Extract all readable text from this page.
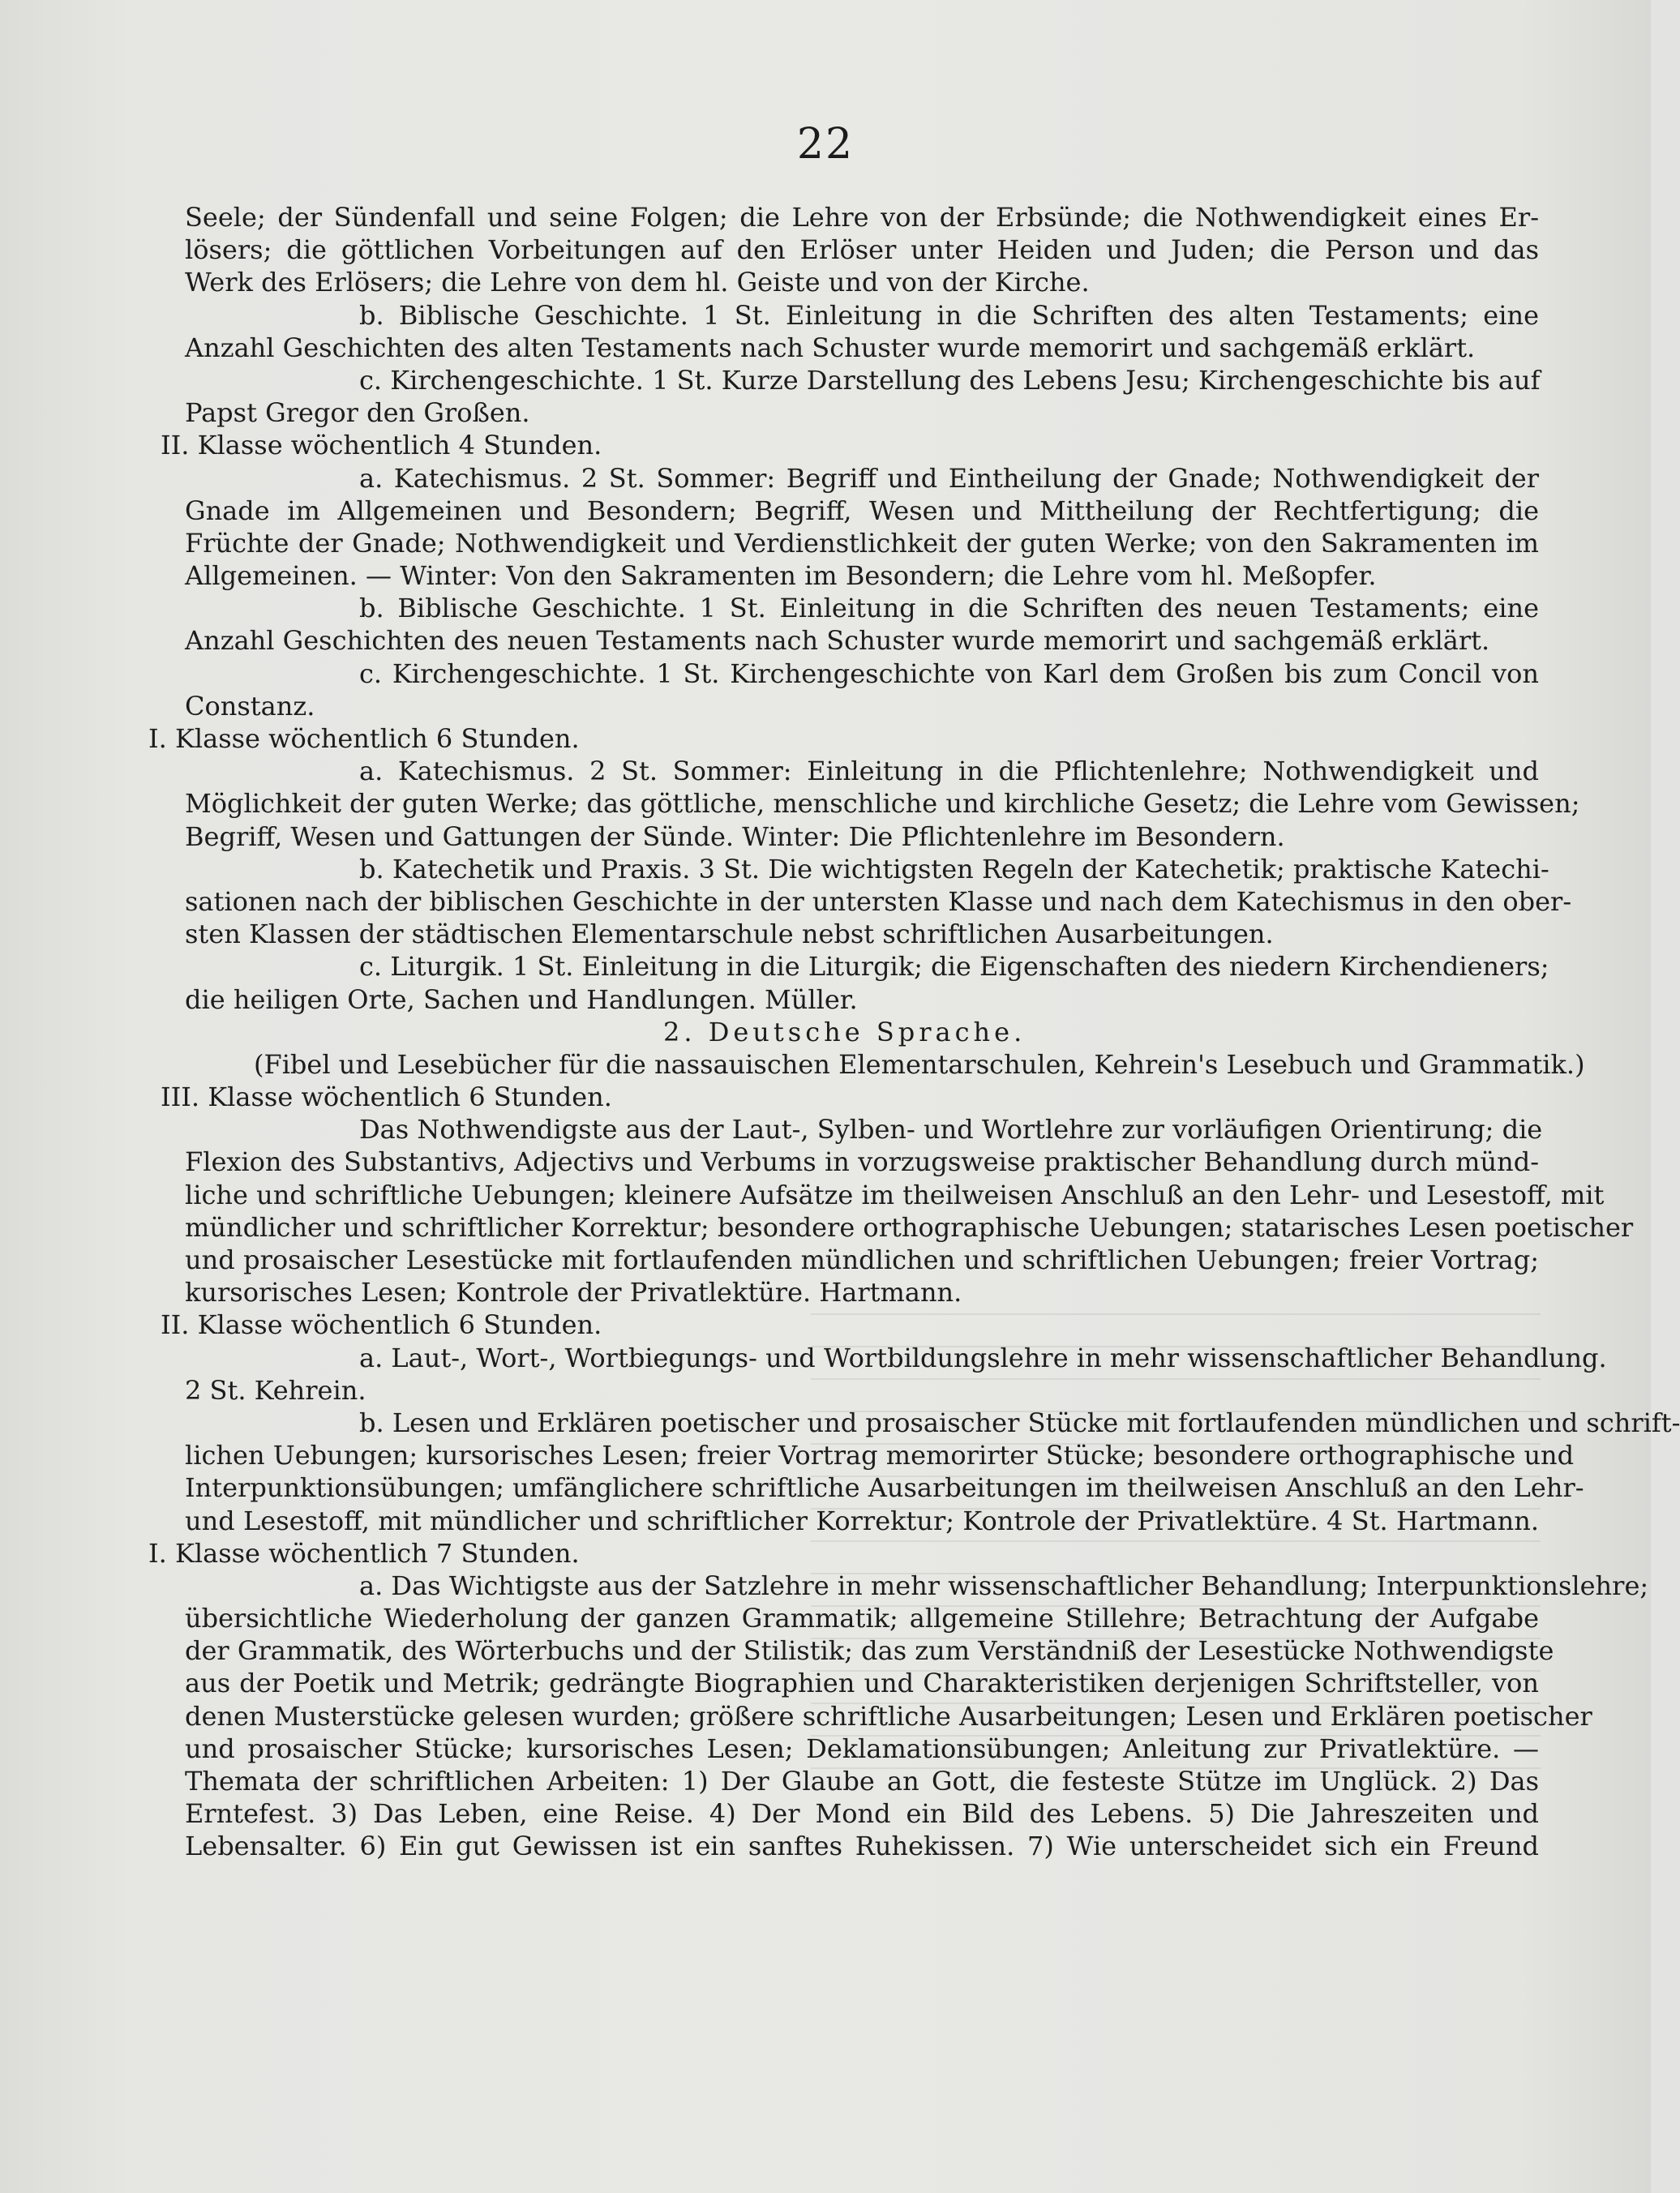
22
Seele; der Sündenfall und seine Folgen; die Lehre von der Erbsünde; die Nothwendigkeit eines Er-
lösers; die göttlichen Vorbeitungen auf den Erlöser unter Heiden und Juden; die Person und das
Werk des Erlösers; die Lehre von dem hl. Geiste und von der Kirche.
b. Biblische Geschichte. 1 St. Einleitung in die Schriften des alten Testaments; eine
Anzahl Geschichten des alten Testaments nach Schuster wurde memorirt und sachgemäß erklärt.
c. Kirchengeschichte. 1 St. Kurze Darstellung des Lebens Jesu; Kirchengeschichte bis auf
Papst Gregor den Großen.
II. Klasse wöchentlich 4 Stunden.
a. Katechismus. 2 St. Sommer: Begriff und Eintheilung der Gnade; Nothwendigkeit der
Gnade im Allgemeinen und Besondern; Begriff, Wesen und Mittheilung der Rechtfertigung; die
Früchte der Gnade; Nothwendigkeit und Verdienstlichkeit der guten Werke; von den Sakramenten im
Allgemeinen. — Winter: Von den Sakramenten im Besondern; die Lehre vom hl. Meßopfer.
b. Biblische Geschichte. 1 St. Einleitung in die Schriften des neuen Testaments; eine
Anzahl Geschichten des neuen Testaments nach Schuster wurde memorirt und sachgemäß erklärt.
c. Kirchengeschichte. 1 St. Kirchengeschichte von Karl dem Großen bis zum Concil von
Constanz.
I. Klasse wöchentlich 6 Stunden.
a. Katechismus. 2 St. Sommer: Einleitung in die Pflichtenlehre; Nothwendigkeit und
Möglichkeit der guten Werke; das göttliche, menschliche und kirchliche Gesetz; die Lehre vom Gewissen;
Begriff, Wesen und Gattungen der Sünde. Winter: Die Pflichtenlehre im Besondern.
b. Katechetik und Praxis. 3 St. Die wichtigsten Regeln der Katechetik; praktische Katechi-
sationen nach der biblischen Geschichte in der untersten Klasse und nach dem Katechismus in den ober-
sten Klassen der städtischen Elementarschule nebst schriftlichen Ausarbeitungen.
c. Liturgik. 1 St. Einleitung in die Liturgik; die Eigenschaften des niedern Kirchendieners;
die heiligen Orte, Sachen und Handlungen. Müller.
2. Deutsche Sprache.
(Fibel und Lesebücher für die nassauischen Elementarschulen, Kehrein's Lesebuch und Grammatik.)
III. Klasse wöchentlich 6 Stunden.
Das Nothwendigste aus der Laut-, Sylben- und Wortlehre zur vorläufigen Orientirung; die
Flexion des Substantivs, Adjectivs und Verbums in vorzugsweise praktischer Behandlung durch münd-
liche und schriftliche Uebungen; kleinere Aufsätze im theilweisen Anschluß an den Lehr- und Lesestoff, mit
mündlicher und schriftlicher Korrektur; besondere orthographische Uebungen; statarisches Lesen poetischer
und prosaischer Lesestücke mit fortlaufenden mündlichen und schriftlichen Uebungen; freier Vortrag;
kursorisches Lesen; Kontrole der Privatlektüre. Hartmann.
II. Klasse wöchentlich 6 Stunden.
a. Laut-, Wort-, Wortbiegungs- und Wortbildungslehre in mehr wissenschaftlicher Behandlung.
2 St. Kehrein.
b. Lesen und Erklären poetischer und prosaischer Stücke mit fortlaufenden mündlichen und schrift-
lichen Uebungen; kursorisches Lesen; freier Vortrag memorirter Stücke; besondere orthographische und
Interpunktionsübungen; umfänglichere schriftliche Ausarbeitungen im theilweisen Anschluß an den Lehr-
und Lesestoff, mit mündlicher und schriftlicher Korrektur; Kontrole der Privatlektüre. 4 St. Hartmann.
I. Klasse wöchentlich 7 Stunden.
a. Das Wichtigste aus der Satzlehre in mehr wissenschaftlicher Behandlung; Interpunktionslehre;
übersichtliche Wiederholung der ganzen Grammatik; allgemeine Stillehre; Betrachtung der Aufgabe
der Grammatik, des Wörterbuchs und der Stilistik; das zum Verständniß der Lesestücke Nothwendigste
aus der Poetik und Metrik; gedrängte Biographien und Charakteristiken derjenigen Schriftsteller, von
denen Musterstücke gelesen wurden; größere schriftliche Ausarbeitungen; Lesen und Erklären poetischer
und prosaischer Stücke; kursorisches Lesen; Deklamationsübungen; Anleitung zur Privatlektüre. —
Themata der schriftlichen Arbeiten: 1) Der Glaube an Gott, die festeste Stütze im Unglück. 2) Das
Erntefest. 3) Das Leben, eine Reise. 4) Der Mond ein Bild des Lebens. 5) Die Jahreszeiten und
Lebensalter. 6) Ein gut Gewissen ist ein sanftes Ruhekissen. 7) Wie unterscheidet sich ein Freund
